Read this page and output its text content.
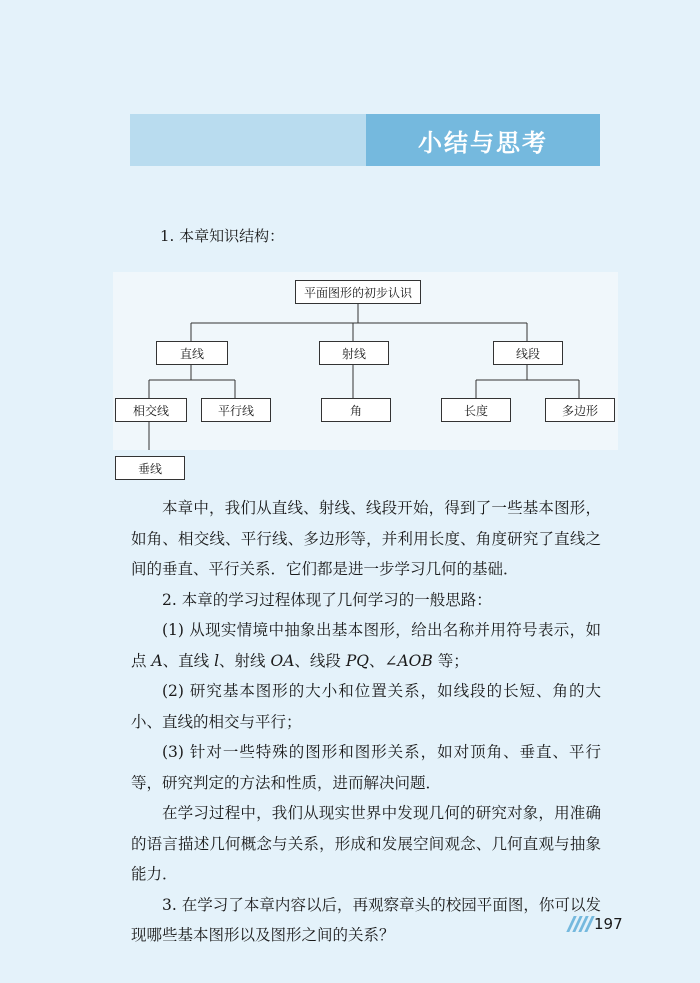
小结与思考
1. 本章知识结构：
平面图形的初步认识
直线	射线	线段
相交线	平行线	角	长度	多边形
垂线

本章中，我们从直线、射线、线段开始，得到了一些基本图形，如角、相交线、平行线、多边形等，并利用长度、角度研究了直线之间的垂直、平行关系．它们都是进一步学习几何的基础．

2. 本章的学习过程体现了几何学习的一般思路：

(1) 从现实情境中抽象出基本图形，给出名称并用符号表示，如点 A、直线 l、射线 OA、线段 PQ、∠AOB 等；

(2) 研究基本图形的大小和位置关系，如线段的长短、角的大小、直线的相交与平行；

(3) 针对一些特殊的图形和图形关系，如对顶角、垂直、平行等，研究判定的方法和性质，进而解决问题．

在学习过程中，我们从现实世界中发现几何的研究对象，用准确的语言描述几何概念与关系，形成和发展空间观念、几何直观与抽象能力．

3. 在学习了本章内容以后，再观察章头的校园平面图，你可以发现哪些基本图形以及图形之间的关系？

197
